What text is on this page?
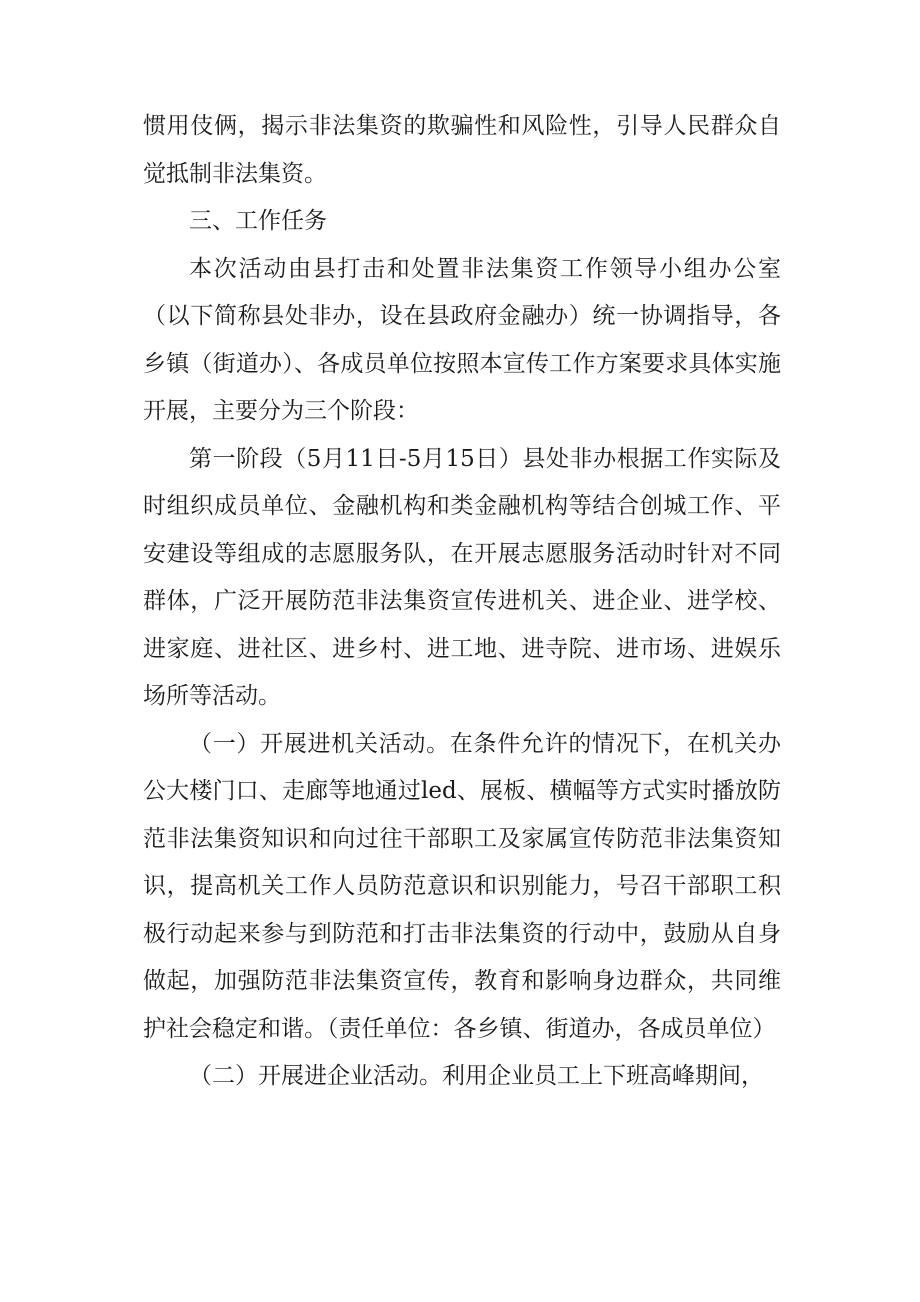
惯用伎俩，揭示非法集资的欺骗性和风险性，引导人民群众自觉抵制非法集资。

三、工作任务

本次活动由县打击和处置非法集资工作领导小组办公室（以下简称县处非办，设在县政府金融办）统一协调指导，各乡镇（街道办）、各成员单位按照本宣传工作方案要求具体实施开展，主要分为三个阶段：

第一阶段（5月11日-5月15日）县处非办根据工作实际及时组织成员单位、金融机构和类金融机构等结合创城工作、平安建设等组成的志愿服务队，在开展志愿服务活动时针对不同群体，广泛开展防范非法集资宣传进机关、进企业、进学校、进家庭、进社区、进乡村、进工地、进寺院、进市场、进娱乐场所等活动。

（一）开展进机关活动。在条件允许的情况下，在机关办公大楼门口、走廊等地通过led、展板、横幅等方式实时播放防范非法集资知识和向过往干部职工及家属宣传防范非法集资知识，提高机关工作人员防范意识和识别能力，号召干部职工积极行动起来参与到防范和打击非法集资的行动中，鼓励从自身做起，加强防范非法集资宣传，教育和影响身边群众，共同维护社会稳定和谐。（责任单位：各乡镇、街道办，各成员单位）

（二）开展进企业活动。利用企业员工上下班高峰期间，
